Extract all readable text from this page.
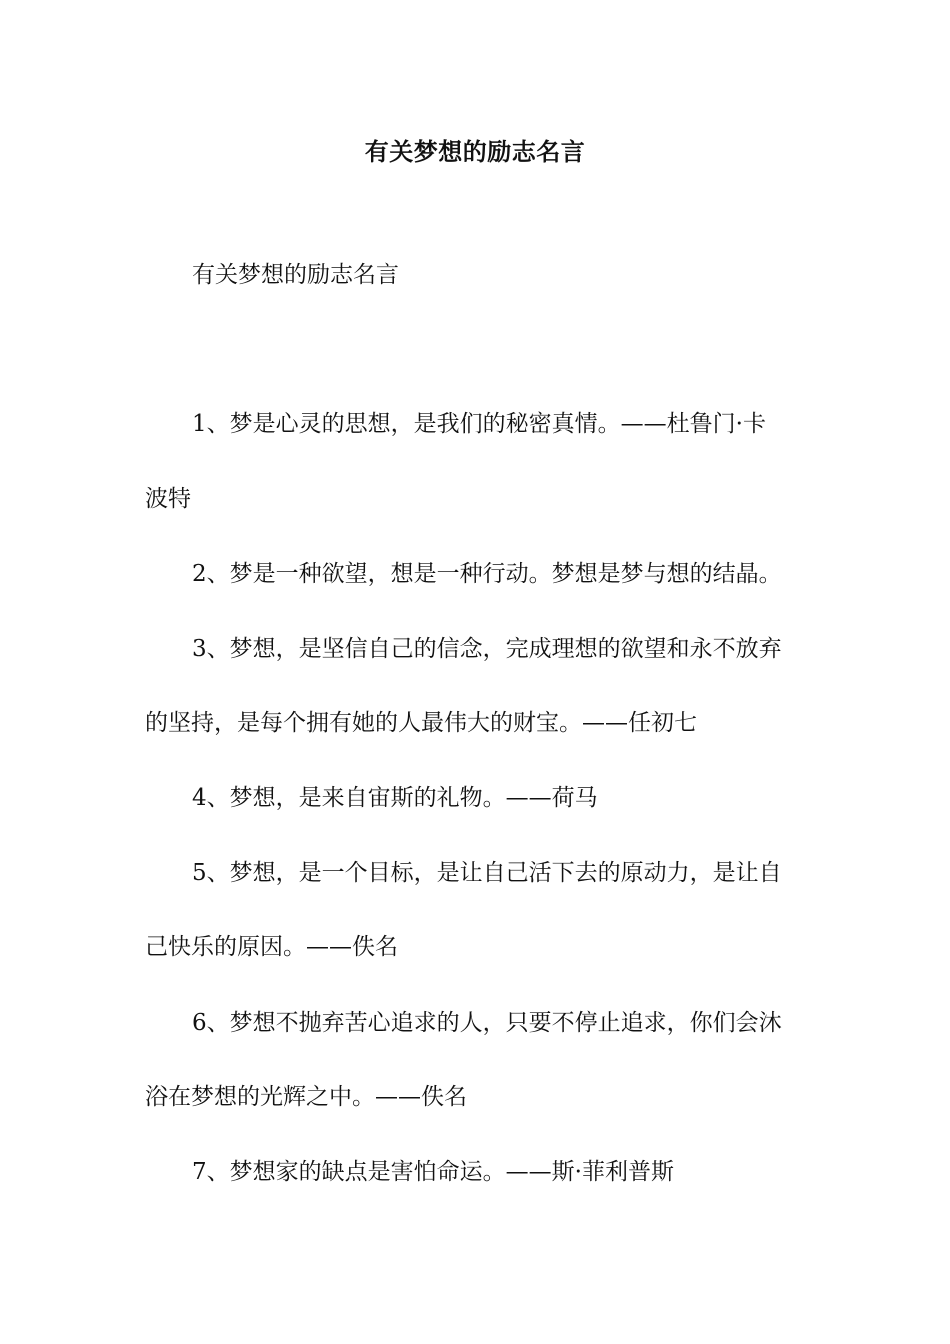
有关梦想的励志名言
有关梦想的励志名言
1、梦是心灵的思想，是我们的秘密真情。——杜鲁门·卡
波特
2、梦是一种欲望，想是一种行动。梦想是梦与想的结晶。
3、梦想，是坚信自己的信念，完成理想的欲望和永不放弃
的坚持，是每个拥有她的人最伟大的财宝。——任初七
4、梦想，是来自宙斯的礼物。——荷马
5、梦想，是一个目标，是让自己活下去的原动力，是让自
己快乐的原因。——佚名
6、梦想不抛弃苦心追求的人，只要不停止追求，你们会沐
浴在梦想的光辉之中。——佚名
7、梦想家的缺点是害怕命运。——斯·菲利普斯
